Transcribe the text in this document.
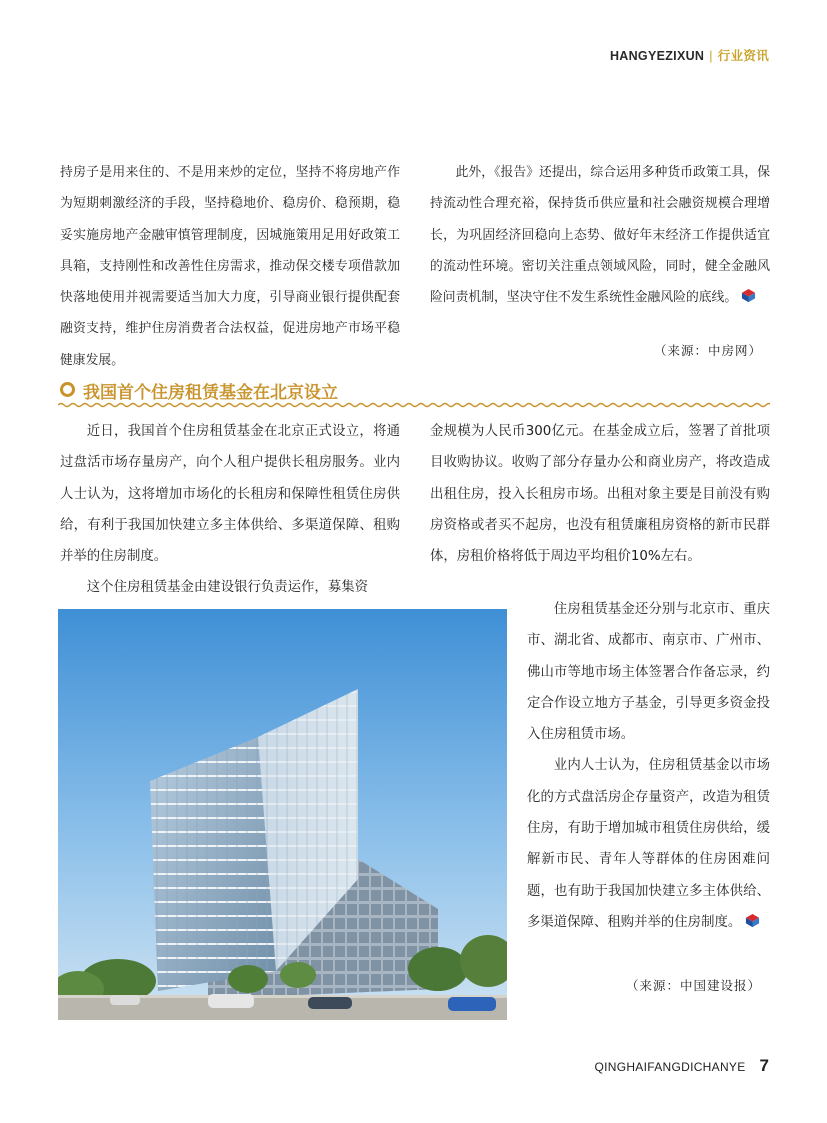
HANGYEZIXUN | 行业资讯

持房子是用来住的、不是用来炒的定位，坚持不将房地产作为短期刺激经济的手段，坚持稳地价、稳房价、稳预期，稳妥实施房地产金融审慎管理制度，因城施策用足用好政策工具箱，支持刚性和改善性住房需求，推动保交楼专项借款加快落地使用并视需要适当加大力度，引导商业银行提供配套融资支持，维护住房消费者合法权益，促进房地产市场平稳健康发展。

此外，《报告》还提出，综合运用多种货币政策工具，保持流动性合理充裕，保持货币供应量和社会融资规模合理增长，为巩固经济回稳向上态势、做好年末经济工作提供适宜的流动性环境。密切关注重点领域风险，同时，健全金融风险问责机制，坚决守住不发生系统性金融风险的底线。

（来源：中房网）
我国首个住房租赁基金在北京设立

近日，我国首个住房租赁基金在北京正式设立，将通过盘活市场存量房产，向个人租户提供长租房服务。业内人士认为，这将增加市场化的长租房和保障性租赁住房供给，有利于我国加快建立多主体供给、多渠道保障、租购并举的住房制度。

这个住房租赁基金由建设银行负责运作，募集资

金规模为人民币300亿元。在基金成立后，签署了首批项目收购协议。收购了部分存量办公和商业房产，将改造成出租住房，投入长租房市场。出租对象主要是目前没有购房资格或者买不起房，也没有租赁廉租房资格的新市民群体，房租价格将低于周边平均租价10%左右。

住房租赁基金还分别与北京市、重庆市、湖北省、成都市、南京市、广州市、佛山市等地市场主体签署合作备忘录，约定合作设立地方子基金，引导更多资金投入住房租赁市场。

业内人士认为，住房租赁基金以市场化的方式盘活房企存量资产，改造为租赁住房，有助于增加城市租赁住房供给，缓解新市民、青年人等群体的住房困难问题，也有助于我国加快建立多主体供给、多渠道保障、租购并举的住房制度。

（来源：中国建设报）
QINGHAIFANGDICHANYE 7
